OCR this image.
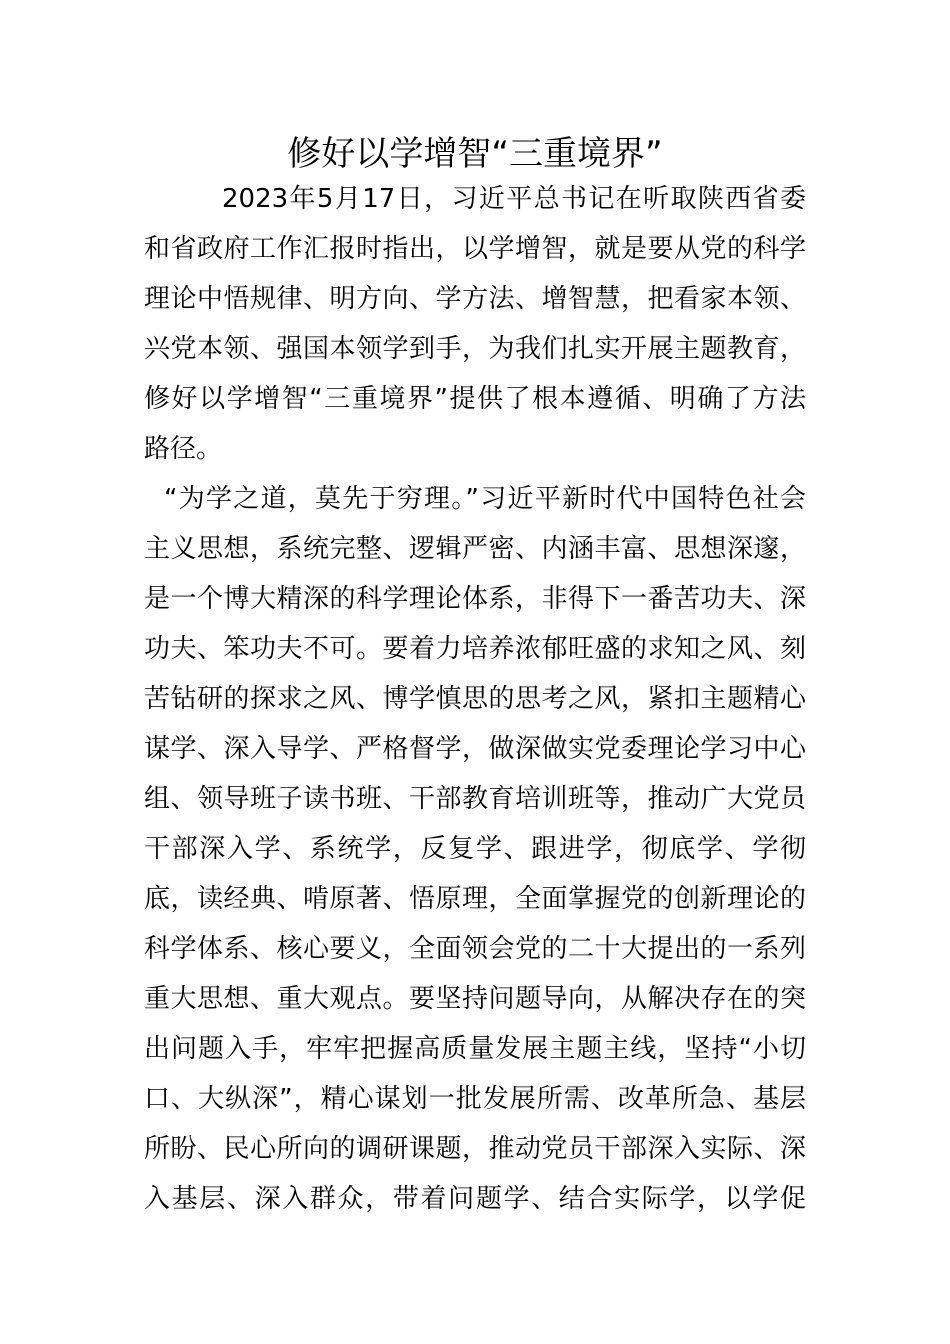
修好以学增智“三重境界”
2023年5月17日，习近平总书记在听取陕西省委
和省政府工作汇报时指出，以学增智，就是要从党的科学
理论中悟规律、明方向、学方法、增智慧，把看家本领、
兴党本领、强国本领学到手，为我们扎实开展主题教育，
修好以学增智“三重境界”提供了根本遵循、明确了方法
路径。
“为学之道，莫先于穷理。”习近平新时代中国特色社会
主义思想，系统完整、逻辑严密、内涵丰富、思想深邃，
是一个博大精深的科学理论体系，非得下一番苦功夫、深
功夫、笨功夫不可。要着力培养浓郁旺盛的求知之风、刻
苦钻研的探求之风、博学慎思的思考之风，紧扣主题精心
谋学、深入导学、严格督学，做深做实党委理论学习中心
组、领导班子读书班、干部教育培训班等，推动广大党员
干部深入学、系统学，反复学、跟进学，彻底学、学彻
底，读经典、啃原著、悟原理，全面掌握党的创新理论的
科学体系、核心要义，全面领会党的二十大提出的一系列
重大思想、重大观点。要坚持问题导向，从解决存在的突
出问题入手，牢牢把握高质量发展主题主线，坚持“小切
口、大纵深”，精心谋划一批发展所需、改革所急、基层
所盼、民心所向的调研课题，推动党员干部深入实际、深
入基层、深入群众，带着问题学、结合实际学，以学促
